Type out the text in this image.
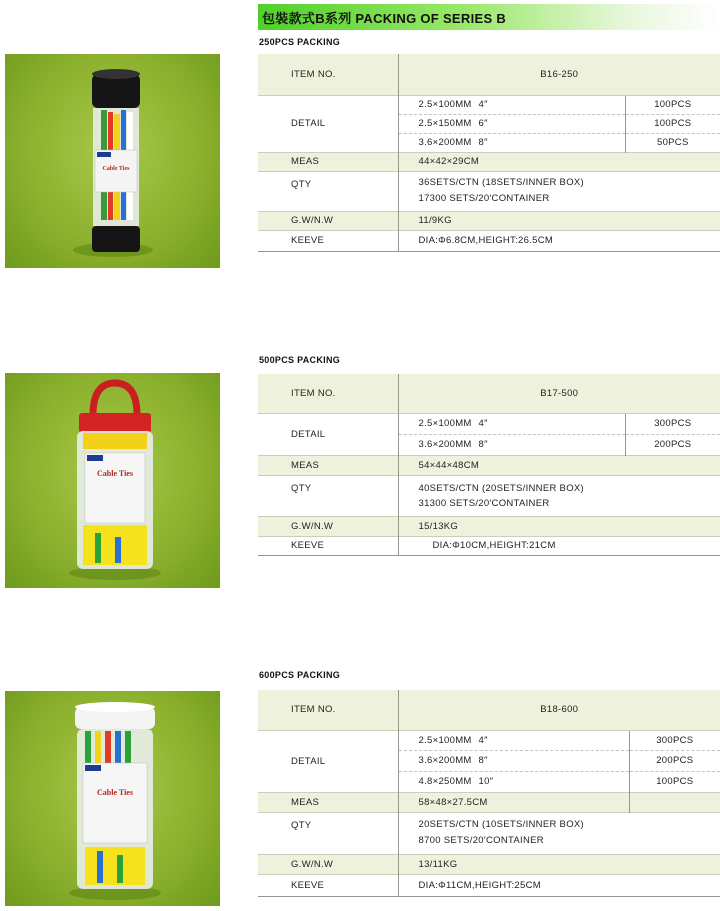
包裝款式B系列 PACKING OF SERIES B
250PCS PACKING
Cable Ties
ITEM NO.	B16-250	
DETAIL	2.5×100MM 4″	100PCS
	2.5×150MM 6″	100PCS
	3.6×200MM 8″	50PCS
MEAS	44×42×29CM	
QTY	36SETS/CTN (18SETS/INNER BOX)
17300 SETS/20′CONTAINER	

G.W/N.W	11/9KG	
KEEVE	DIA:Φ6.8CM,HEIGHT:26.5CM	
500PCS PACKING
Cable Ties
ITEM NO.	B17-500	
DETAIL	2.5×100MM 4″	300PCS
	3.6×200MM 8″	200PCS
MEAS	54×44×48CM	
QTY	40SETS/CTN (20SETS/INNER BOX)
31300 SETS/20′CONTAINER	

G.W/N.W	15/13KG	
KEEVE	DIA:Φ10CM,HEIGHT:21CM	
600PCS PACKING
Cable Ties
ITEM NO.	B18-600	
DETAIL	2.5×100MM 4″	300PCS
	3.6×200MM 8″	200PCS
	4.8×250MM 10″	100PCS
MEAS	58×48×27.5CM	
QTY	20SETS/CTN (10SETS/INNER BOX)
8700 SETS/20′CONTAINER	

G.W/N.W	13/11KG	
KEEVE	DIA:Φ11CM,HEIGHT:25CM	
